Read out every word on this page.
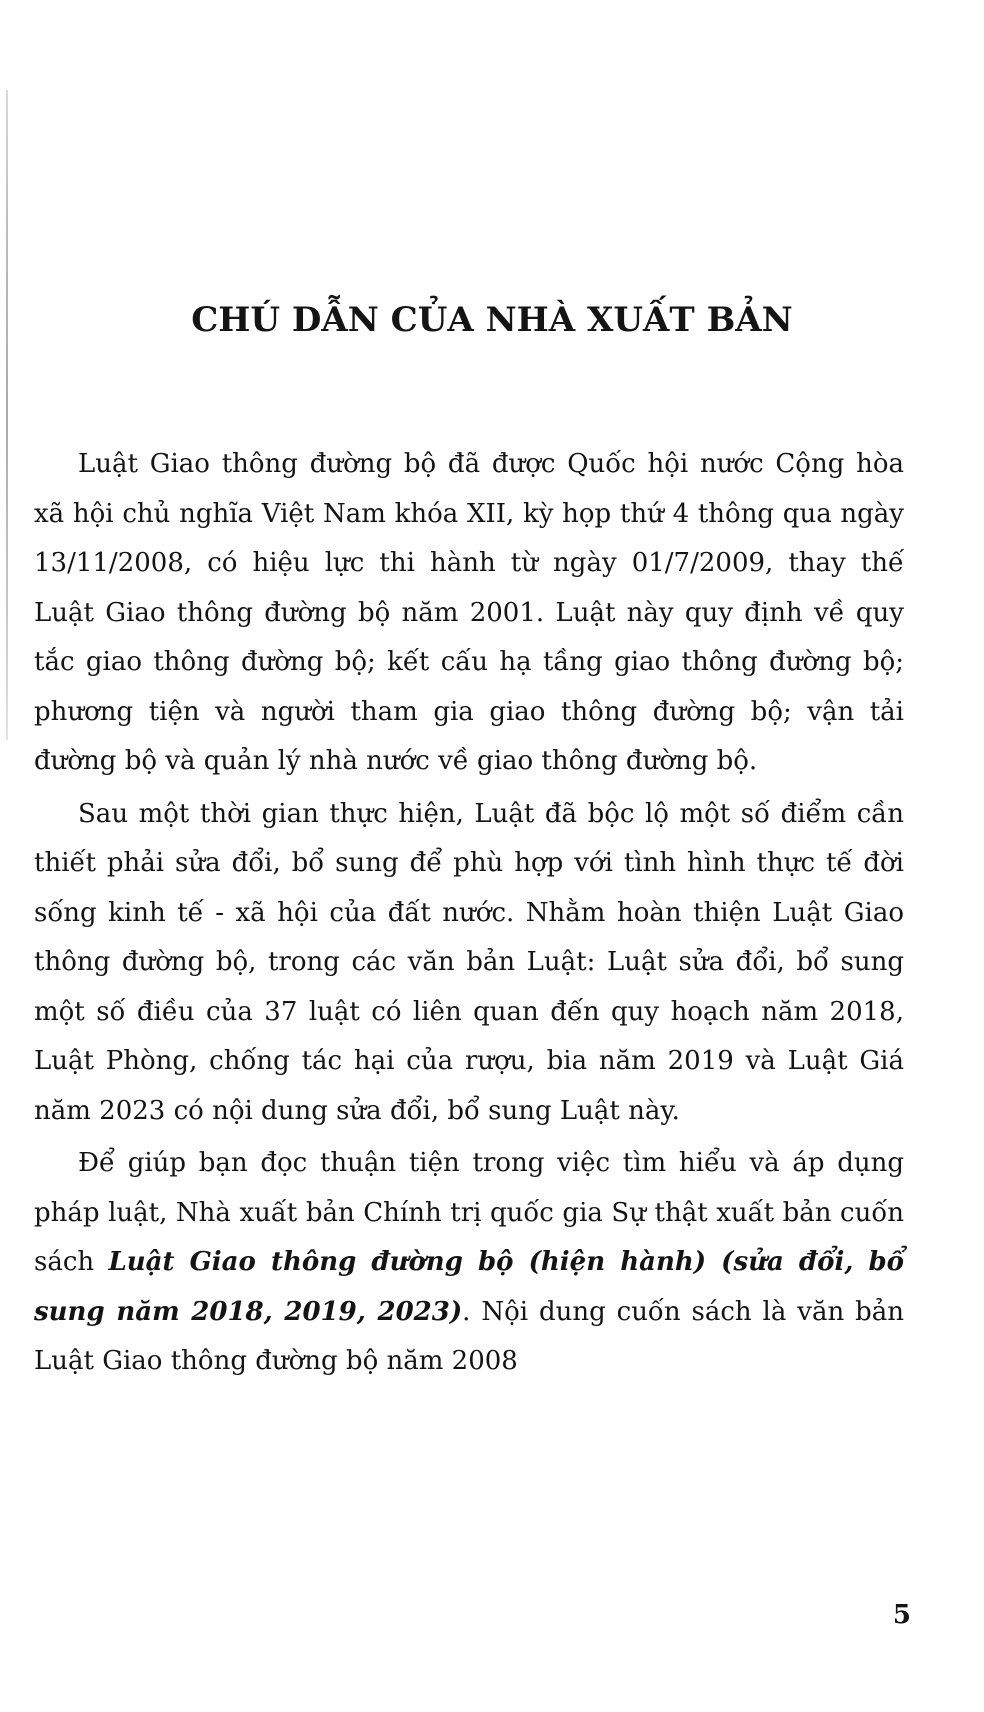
CHÚ DẪN CỦA NHÀ XUẤT BẢN

Luật Giao thông đường bộ đã được Quốc hội nước Cộng hòa xã hội chủ nghĩa Việt Nam khóa XII, kỳ họp thứ 4 thông qua ngày 13/11/2008, có hiệu lực thi hành từ ngày 01/7/2009, thay thế Luật Giao thông đường bộ năm 2001. Luật này quy định về quy tắc giao thông đường bộ; kết cấu hạ tầng giao thông đường bộ; phương tiện và người tham gia giao thông đường bộ; vận tải đường bộ và quản lý nhà nước về giao thông đường bộ.

Sau một thời gian thực hiện, Luật đã bộc lộ một số điểm cần thiết phải sửa đổi, bổ sung để phù hợp với tình hình thực tế đời sống kinh tế - xã hội của đất nước. Nhằm hoàn thiện Luật Giao thông đường bộ, trong các văn bản Luật: Luật sửa đổi, bổ sung một số điều của 37 luật có liên quan đến quy hoạch năm 2018, Luật Phòng, chống tác hại của rượu, bia năm 2019 và Luật Giá năm 2023 có nội dung sửa đổi, bổ sung Luật này.

Để giúp bạn đọc thuận tiện trong việc tìm hiểu và áp dụng pháp luật, Nhà xuất bản Chính trị quốc gia Sự thật xuất bản cuốn sách Luật Giao thông đường bộ (hiện hành) (sửa đổi, bổ sung năm 2018, 2019, 2023). Nội dung cuốn sách là văn bản Luật Giao thông đường bộ năm 2008

5
